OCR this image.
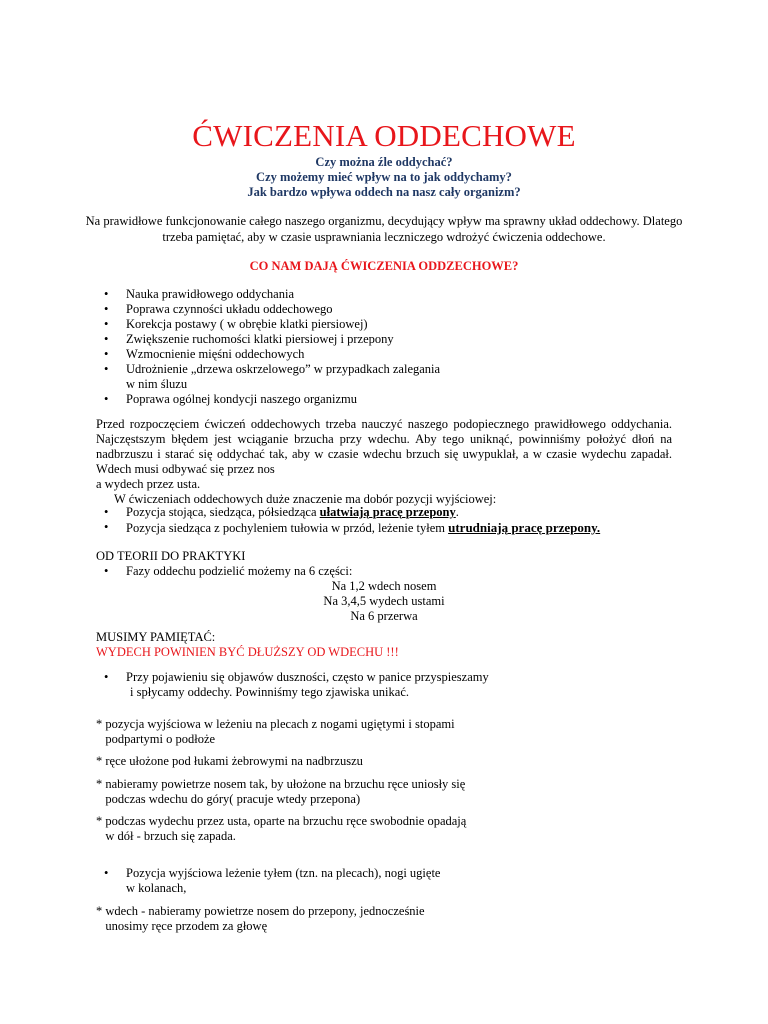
ĆWICZENIA ODDECHOWE
Czy można źle oddychać?
Czy możemy mieć wpływ na to jak oddychamy?
Jak bardzo wpływa oddech na nasz cały organizm?
Na prawidłowe funkcjonowanie całego naszego organizmu, decydujący wpływ ma sprawny układ oddechowy. Dlatego
trzeba pamiętać, aby w czasie usprawniania leczniczego wdrożyć ćwiczenia oddechowe.
CO NAM DAJĄ ĆWICZENIA ODDZECHOWE?
• Nauka prawidłowego oddychania
• Poprawa czynności układu oddechowego
• Korekcja postawy ( w obrębie klatki piersiowej)
• Zwiększenie ruchomości klatki piersiowej i przepony
• Wzmocnienie mięśni oddechowych
• Udrożnienie „drzewa oskrzelowego” w przypadkach zalegania
w nim śluzu
• Poprawa ogólnej kondycji naszego organizmu

Przed rozpoczęciem ćwiczeń oddechowych trzeba nauczyć naszego podopiecznego prawidłowego oddychania. Najczęstszym błędem jest wciąganie brzucha przy wdechu. Aby tego uniknąć, powinniśmy położyć dłoń na nadbrzuszu i starać się oddychać tak, aby w czasie wdechu brzuch się uwypuklał, a w czasie wydechu zapadał. Wdech musi odbywać się przez nos

a wydech przez usta.
W ćwiczeniach oddechowych duże znaczenie ma dobór pozycji wyjściowej:
• Pozycja stojąca, siedząca, półsiedząca ułatwiają pracę przepony.
• Pozycja siedząca z pochyleniem tułowia w przód, leżenie tyłem utrudniają pracę przepony.
OD TEORII DO PRAKTYKI
• Fazy oddechu podzielić możemy na 6 części:
Na 1,2 wdech nosem
Na 3,4,5 wydech ustami
Na 6 przerwa
MUSIMY PAMIĘTAĆ:
WYDECH POWINIEN BYĆ DŁUŻSZY OD WDECHU !!!
• Przy pojawieniu się objawów duszności, często w panice przyspieszamy
i spłycamy oddechy. Powinniśmy tego zjawiska unikać.
* pozycja wyjściowa w leżeniu na plecach z nogami ugiętymi i stopami
podpartymi o podłoże
* ręce ułożone pod łukami żebrowymi na nadbrzuszu
* nabieramy powietrze nosem tak, by ułożone na brzuchu ręce uniosły się
podczas wdechu do góry( pracuje wtedy przepona)
* podczas wydechu przez usta, oparte na brzuchu ręce swobodnie opadają
w dół - brzuch się zapada.
• Pozycja wyjściowa leżenie tyłem (tzn. na plecach), nogi ugięte
w kolanach,
* wdech - nabieramy powietrze nosem do przepony, jednocześnie
unosimy ręce przodem za głowę
